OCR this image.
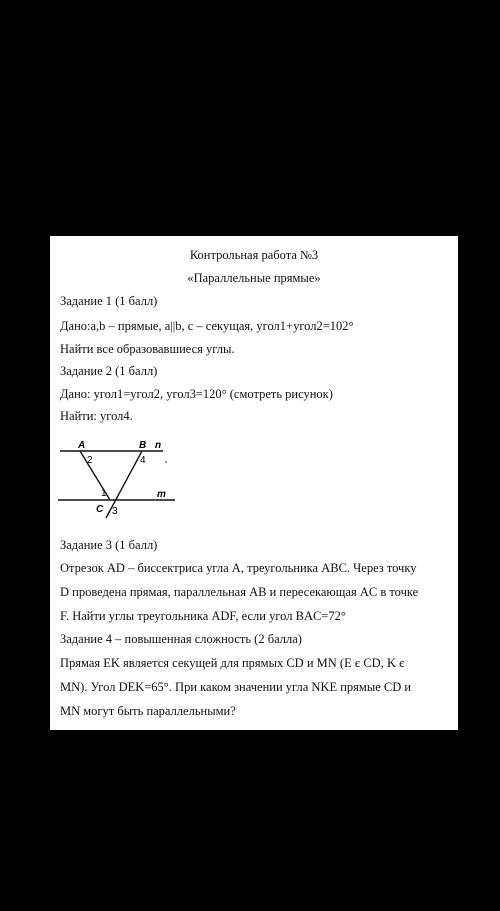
Контрольная работа №3
«Параллельные прямые»
Задание 1 (1 балл)
Дано:a,b – прямые, a||b, c – секущая, угол1+угол2=102°
Найти все образовавшиеся углы.
Задание 2 (1 балл)
Дано: угол1=угол2, угол3=120° (смотреть рисунок)
Найти: угол4.
A	B n
m
C
2	4
1
3
Задание 3 (1 балл)
Отрезок AD – биссектриса угла A, треугольника ABC. Через точку
D проведена прямая, параллельная AB и пересекающая AC в точке
F. Найти углы треугольника ADF, если угол BAC=72°
Задание 4 – повышенная сложность (2 балла)
Прямая EK является секущей для прямых CD и MN (E є CD, K є
MN). Угол DEK=65°. При каком значении угла NKE прямые CD и
MN могут быть параллельными?
